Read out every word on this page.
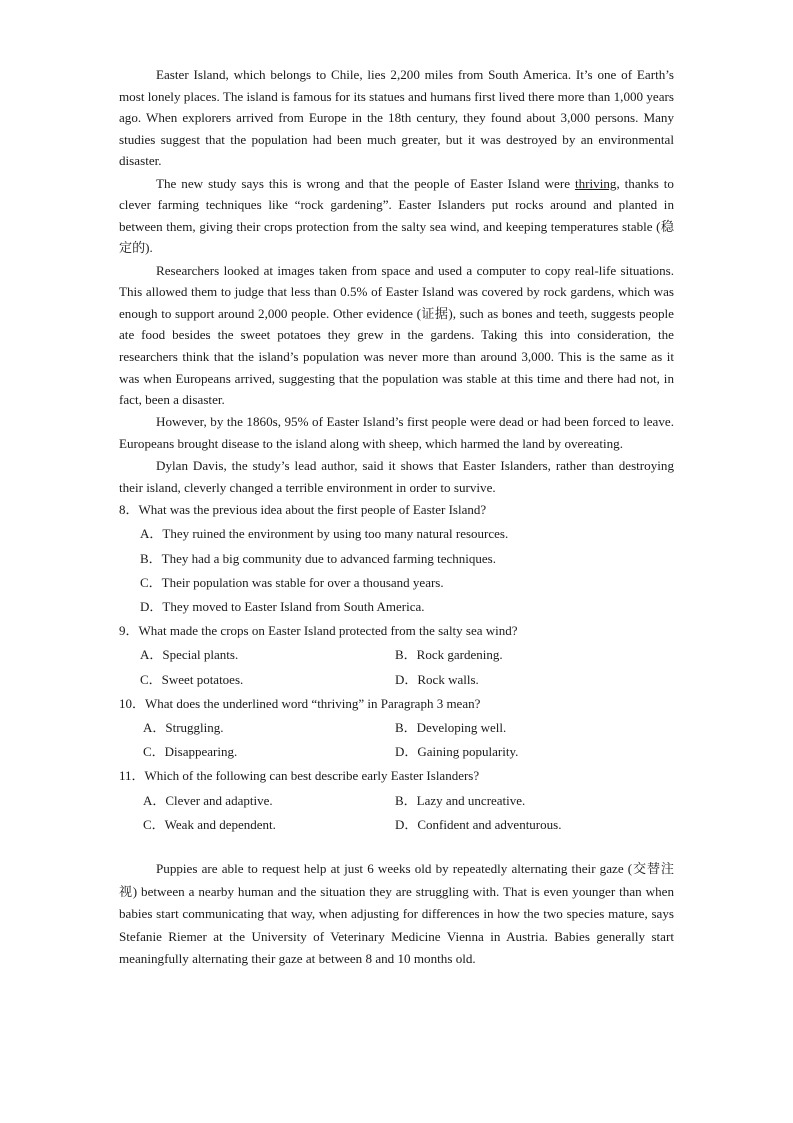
Easter Island, which belongs to Chile, lies 2,200 miles from South America. It’s one of Earth’s most lonely places. The island is famous for its statues and humans first lived there more than 1,000 years ago. When explorers arrived from Europe in the 18th century, they found about 3,000 persons. Many studies suggest that the population had been much greater, but it was destroyed by an environmental disaster.

The new study says this is wrong and that the people of Easter Island were thriving, thanks to clever farming techniques like “rock gardening”. Easter Islanders put rocks around and planted in between them, giving their crops protection from the salty sea wind, and keeping temperatures stable (稳定的).

Researchers looked at images taken from space and used a computer to copy real-life situations. This allowed them to judge that less than 0.5% of Easter Island was covered by rock gardens, which was enough to support around 2,000 people. Other evidence (证据), such as bones and teeth, suggests people ate food besides the sweet potatoes they grew in the gardens. Taking this into consideration, the researchers think that the island’s population was never more than around 3,000. This is the same as it was when Europeans arrived, suggesting that the population was stable at this time and there had not, in fact, been a disaster.

However, by the 1860s, 95% of Easter Island’s first people were dead or had been forced to leave. Europeans brought disease to the island along with sheep, which harmed the land by overeating.

Dylan Davis, the study’s lead author, said it shows that Easter Islanders, rather than destroying their island, cleverly changed a terrible environment in order to survive.

8．What was the previous idea about the first people of Easter Island?

A．They ruined the environment by using too many natural resources.
B．They had a big community due to advanced farming techniques.
C．Their population was stable for over a thousand years.
D．They moved to Easter Island from South America.

9．What made the crops on Easter Island protected from the salty sea wind?

A．Special plants.	B．Rock gardening.
C．Sweet potatoes.	D．Rock walls.

10．What does the underlined word “thriving” in Paragraph 3 mean?

A．Struggling.	B．Developing well.
C．Disappearing.	D．Gaining popularity.

11．Which of the following can best describe early Easter Islanders?

A．Clever and adaptive.	B．Lazy and uncreative.
C．Weak and dependent.	D．Confident and adventurous.

Puppies are able to request help at just 6 weeks old by repeatedly alternating their gaze (交替注视) between a nearby human and the situation they are struggling with. That is even younger than when babies start communicating that way, when adjusting for differences in how the two species mature, says Stefanie Riemer at the University of Veterinary Medicine Vienna in Austria. Babies generally start meaningfully alternating their gaze at between 8 and 10 months old.
